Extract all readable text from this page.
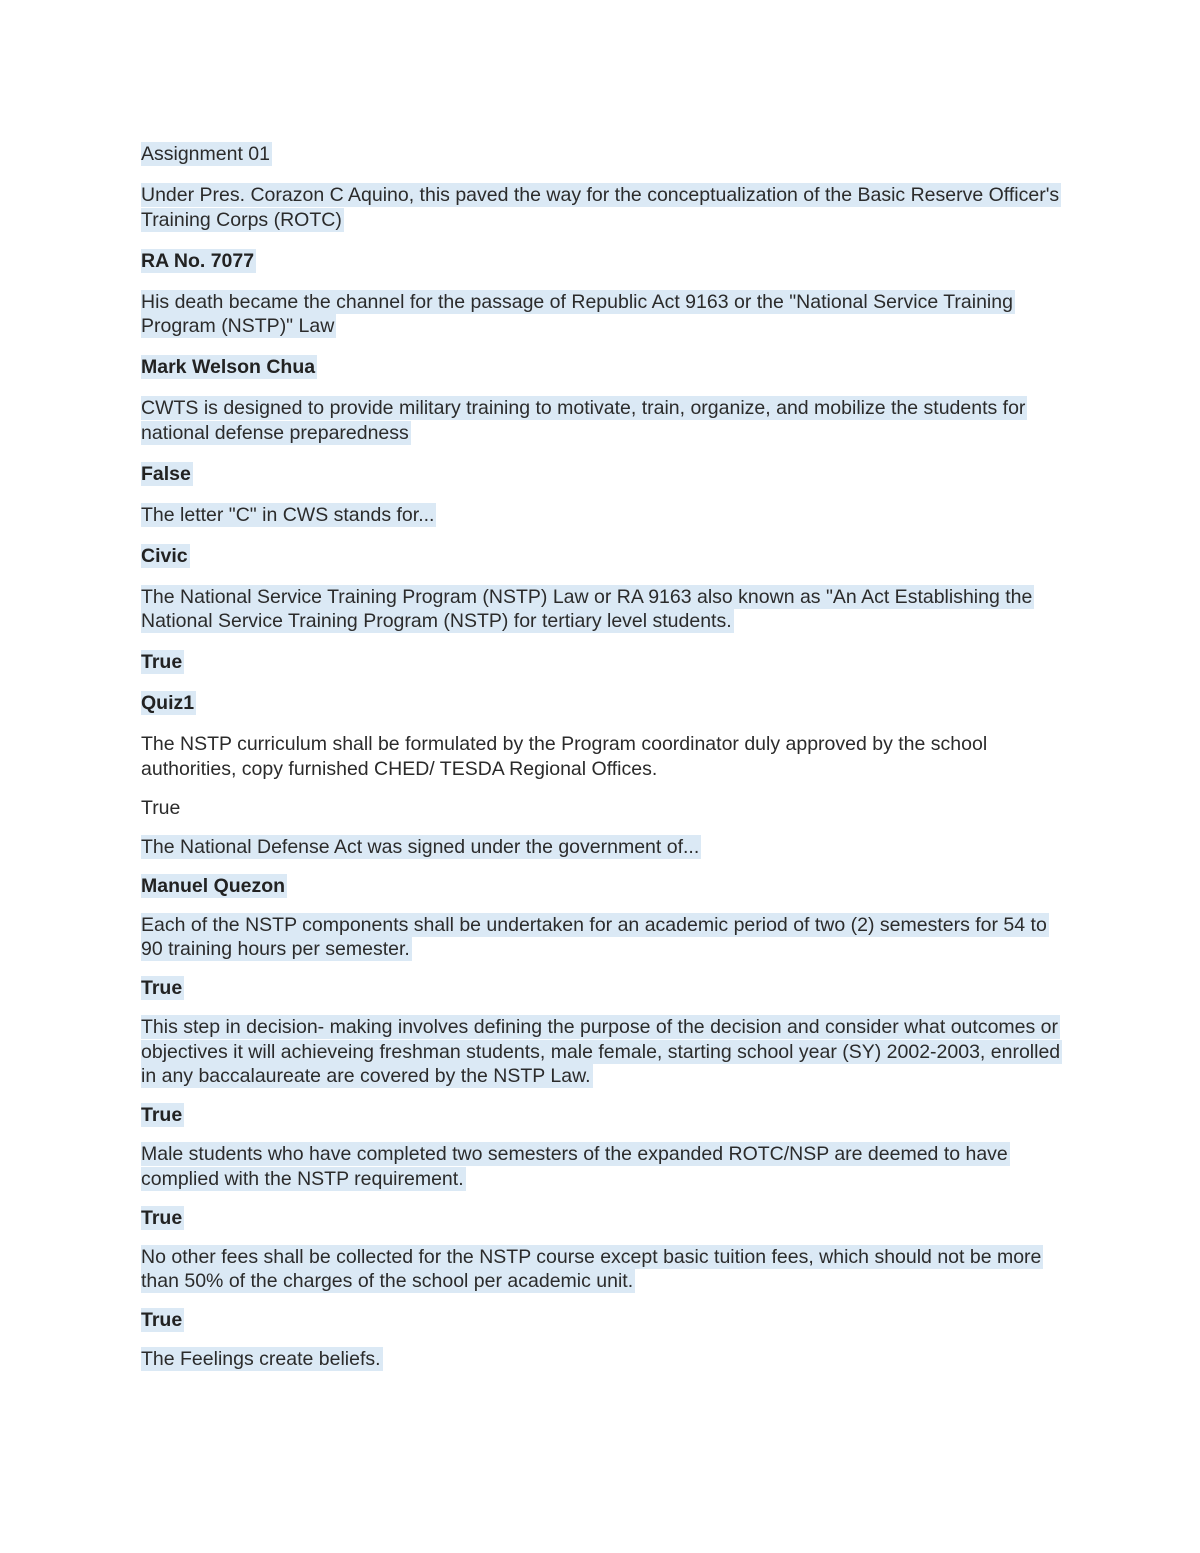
Assignment 01

Under Pres. Corazon C Aquino, this paved the way for the conceptualization of the Basic Reserve Officer's Training Corps (ROTC)

RA No. 7077

His death became the channel for the passage of Republic Act 9163 or the "National Service Training Program (NSTP)" Law

Mark Welson Chua

CWTS is designed to provide military training to motivate, train, organize, and mobilize the students for national defense preparedness

False

The letter "C" in CWS stands for...

Civic

The National Service Training Program (NSTP) Law or RA 9163 also known as "An Act Establishing the National Service Training Program (NSTP) for tertiary level students.

True

Quiz1

The NSTP curriculum shall be formulated by the Program coordinator duly approved by the school authorities, copy furnished CHED/ TESDA Regional Offices.

True

The National Defense Act was signed under the government of...

Manuel Quezon

Each of the NSTP components shall be undertaken for an academic period of two (2) semesters for 54 to 90 training hours per semester.

True

This step in decision- making involves defining the purpose of the decision and consider what outcomes or objectives it will achieveing freshman students, male female, starting school year (SY) 2002-2003, enrolled in any baccalaureate are covered by the NSTP Law.

True

Male students who have completed two semesters of the expanded ROTC/NSP are deemed to have complied with the NSTP requirement.

True

No other fees shall be collected for the NSTP course except basic tuition fees, which should not be more than 50% of the charges of the school per academic unit.

True

The Feelings create beliefs.
